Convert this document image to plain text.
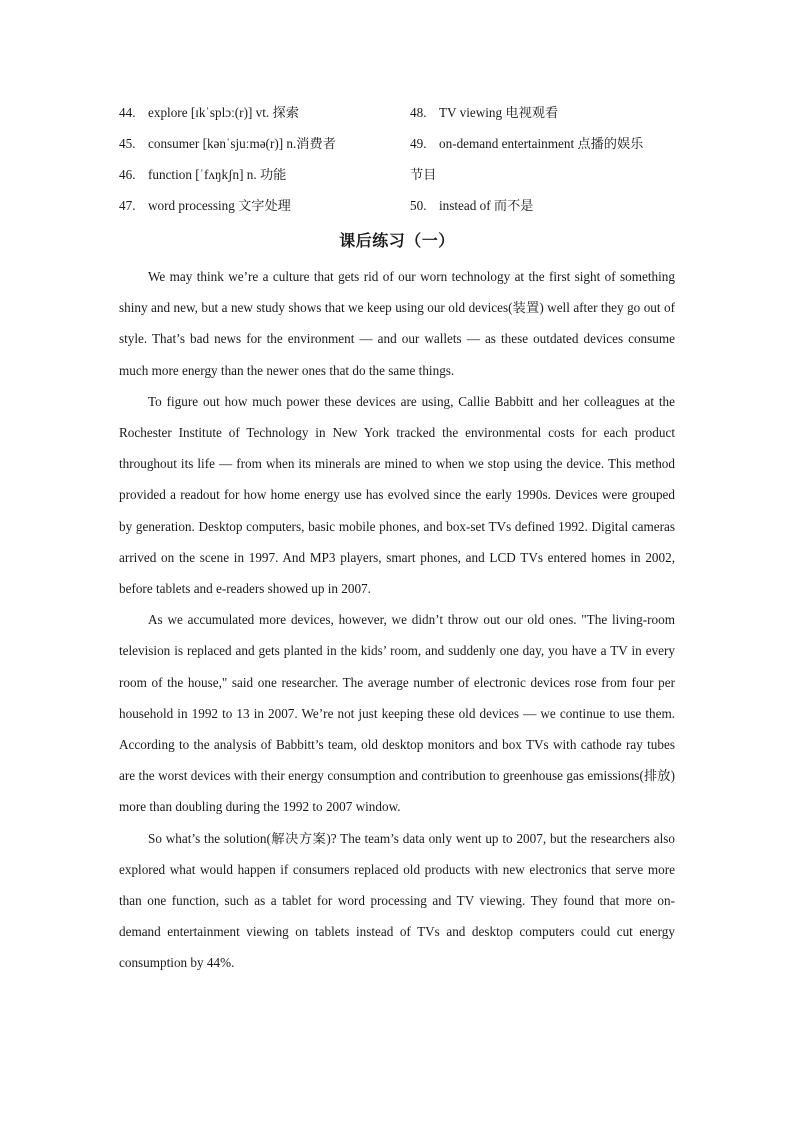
44. explore [ɪkˈsplɔː(r)] vt. 探索	48. TV viewing 电视观看
45. consumer [kənˈsjuːmə(r)] n.消费者	49. on-demand entertainment 点播的娱乐
46. function [ˈfʌŋkʃn] n. 功能	节目
47. word processing 文字处理	50. instead of 而不是
课后练习（一）

We may think we’re a culture that gets rid of our worn technology at the first sight of something shiny and new, but a new study shows that we keep using our old devices(装置) well after they go out of style. That’s bad news for the environment — and our wallets — as these outdated devices consume much more energy than the newer ones that do the same things.

To figure out how much power these devices are using, Callie Babbitt and her colleagues at the Rochester Institute of Technology in New York tracked the environmental costs for each product throughout its life — from when its minerals are mined to when we stop using the device. This method provided a readout for how home energy use has evolved since the early 1990s. Devices were grouped by generation. Desktop computers, basic mobile phones, and box-set TVs defined 1992. Digital cameras arrived on the scene in 1997. And MP3 players, smart phones, and LCD TVs entered homes in 2002, before tablets and e-readers showed up in 2007.

As we accumulated more devices, however, we didn’t throw out our old ones. "The living-room television is replaced and gets planted in the kids’ room, and suddenly one day, you have a TV in every room of the house," said one researcher. The average number of electronic devices rose from four per household in 1992 to 13 in 2007. We’re not just keeping these old devices — we continue to use them. According to the analysis of Babbitt’s team, old desktop monitors and box TVs with cathode ray tubes are the worst devices with their energy consumption and contribution to greenhouse gas emissions(排放) more than doubling during the 1992 to 2007 window.

So what’s the solution(解决方案)? The team’s data only went up to 2007, but the researchers also explored what would happen if consumers replaced old products with new electronics that serve more than one function, such as a tablet for word processing and TV viewing. They found that more on-demand entertainment viewing on tablets instead of TVs and desktop computers could cut energy consumption by 44%.
